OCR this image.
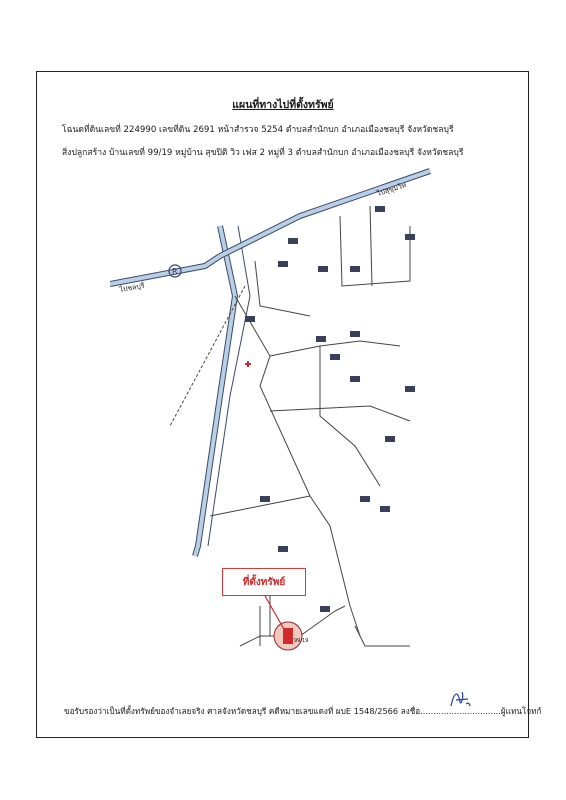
แผนที่ทางไปที่ตั้งทรัพย์
โฉนดที่ดินเลขที่ 224990 เลขที่ดิน 2691 หน้าสำรวจ 5254 ตำบลสำนักบก อำเภอเมืองชลบุรี จังหวัดชลบุรี
สิ่งปลูกสร้าง บ้านเลขที่ 99/19 หมู่บ้าน สุขปิติ วิว เฟส 2 หมู่ที่ 3 ตำบลสำนักบก อำเภอเมืองชลบุรี จังหวัดชลบุรี
R
ไปสุขุมวิท
ไปชลบุรี
99/19
ที่ตั้งทรัพย์
ขอรับรองว่าเป็นที่ตั้งทรัพย์ของจำเลยจริง ศาลจังหวัดชลบุรี คดีหมายเลขแดงที่ ผบE 1548/2566 ลงชื่อ...............................ผู้แทนโจทก์
